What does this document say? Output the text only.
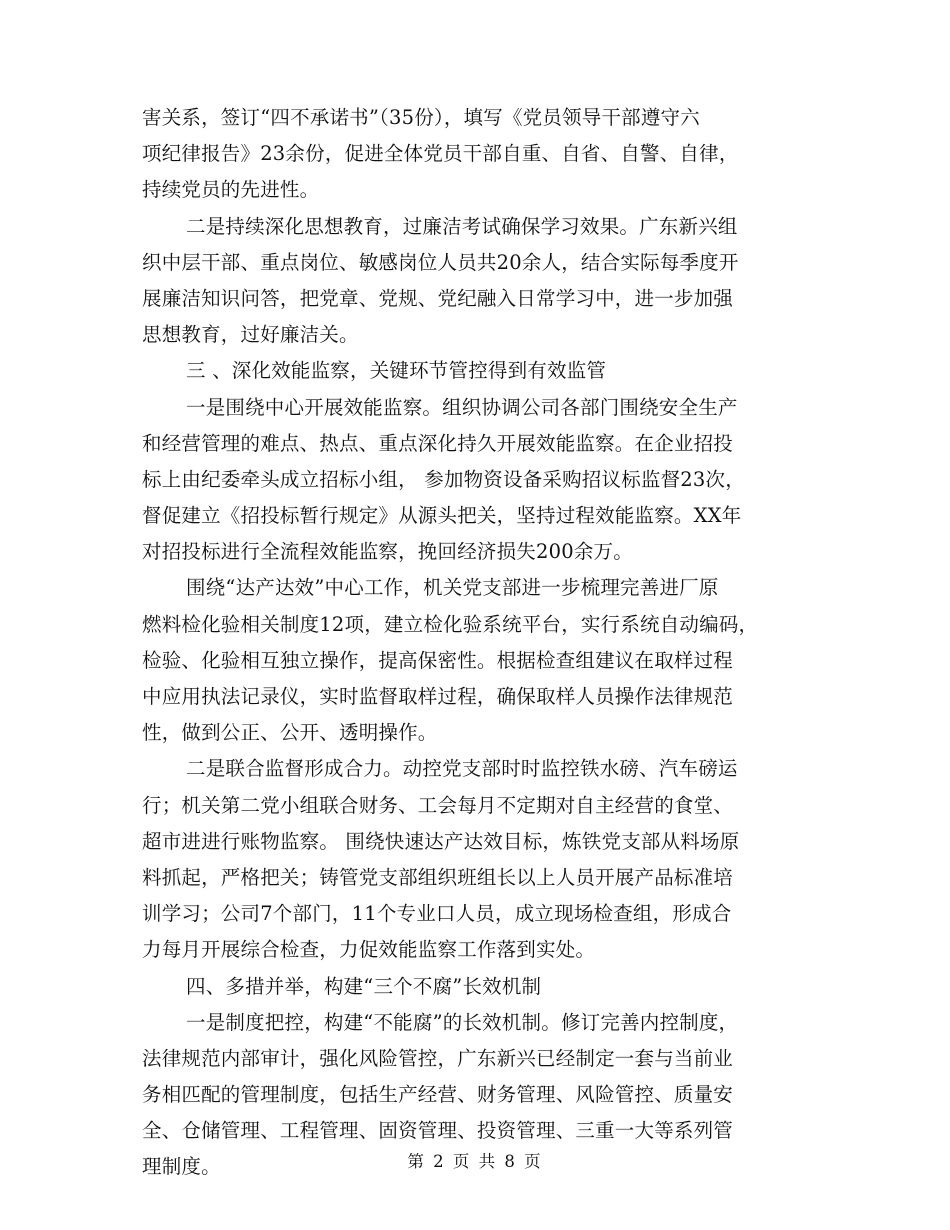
害关系，签订“四不承诺书”（35份），填写《党员领导干部遵守六
项纪律报告》23余份，促进全体党员干部自重、自省、自警、自律，
持续党员的先进性。
二是持续深化思想教育，过廉洁考试确保学习效果。广东新兴组
织中层干部、重点岗位、敏感岗位人员共20余人，结合实际每季度开
展廉洁知识问答，把党章、党规、党纪融入日常学习中，进一步加强
思想教育，过好廉洁关。
三 、深化效能监察，关键环节管控得到有效监管
一是围绕中心开展效能监察。组织协调公司各部门围绕安全生产
和经营管理的难点、热点、重点深化持久开展效能监察。在企业招投
标上由纪委牵头成立招标小组， 参加物资设备采购招议标监督23次，
督促建立《招投标暂行规定》从源头把关，坚持过程效能监察。XX年
对招投标进行全流程效能监察，挽回经济损失200余万。
围绕“达产达效”中心工作，机关党支部进一步梳理完善进厂原
燃料检化验相关制度12项，建立检化验系统平台，实行系统自动编码，
检验、化验相互独立操作，提高保密性。根据检查组建议在取样过程
中应用执法记录仪，实时监督取样过程，确保取样人员操作法律规范
性，做到公正、公开、透明操作。
二是联合监督形成合力。动控党支部时时监控铁水磅、汽车磅运
行；机关第二党小组联合财务、工会每月不定期对自主经营的食堂、
超市进进行账物监察。 围绕快速达产达效目标，炼铁党支部从料场原
料抓起，严格把关；铸管党支部组织班组长以上人员开展产品标准培
训学习；公司7个部门，11个专业口人员，成立现场检查组，形成合
力每月开展综合检查，力促效能监察工作落到实处。
四、多措并举，构建“三个不腐”长效机制
一是制度把控，构建“不能腐”的长效机制。修订完善内控制度，
法律规范内部审计，强化风险管控，广东新兴已经制定一套与当前业
务相匹配的管理制度，包括生产经营、财务管理、风险管控、质量安
全、仓储管理、工程管理、固资管理、投资管理、三重一大等系列管
理制度。	第 2 页 共 8 页
